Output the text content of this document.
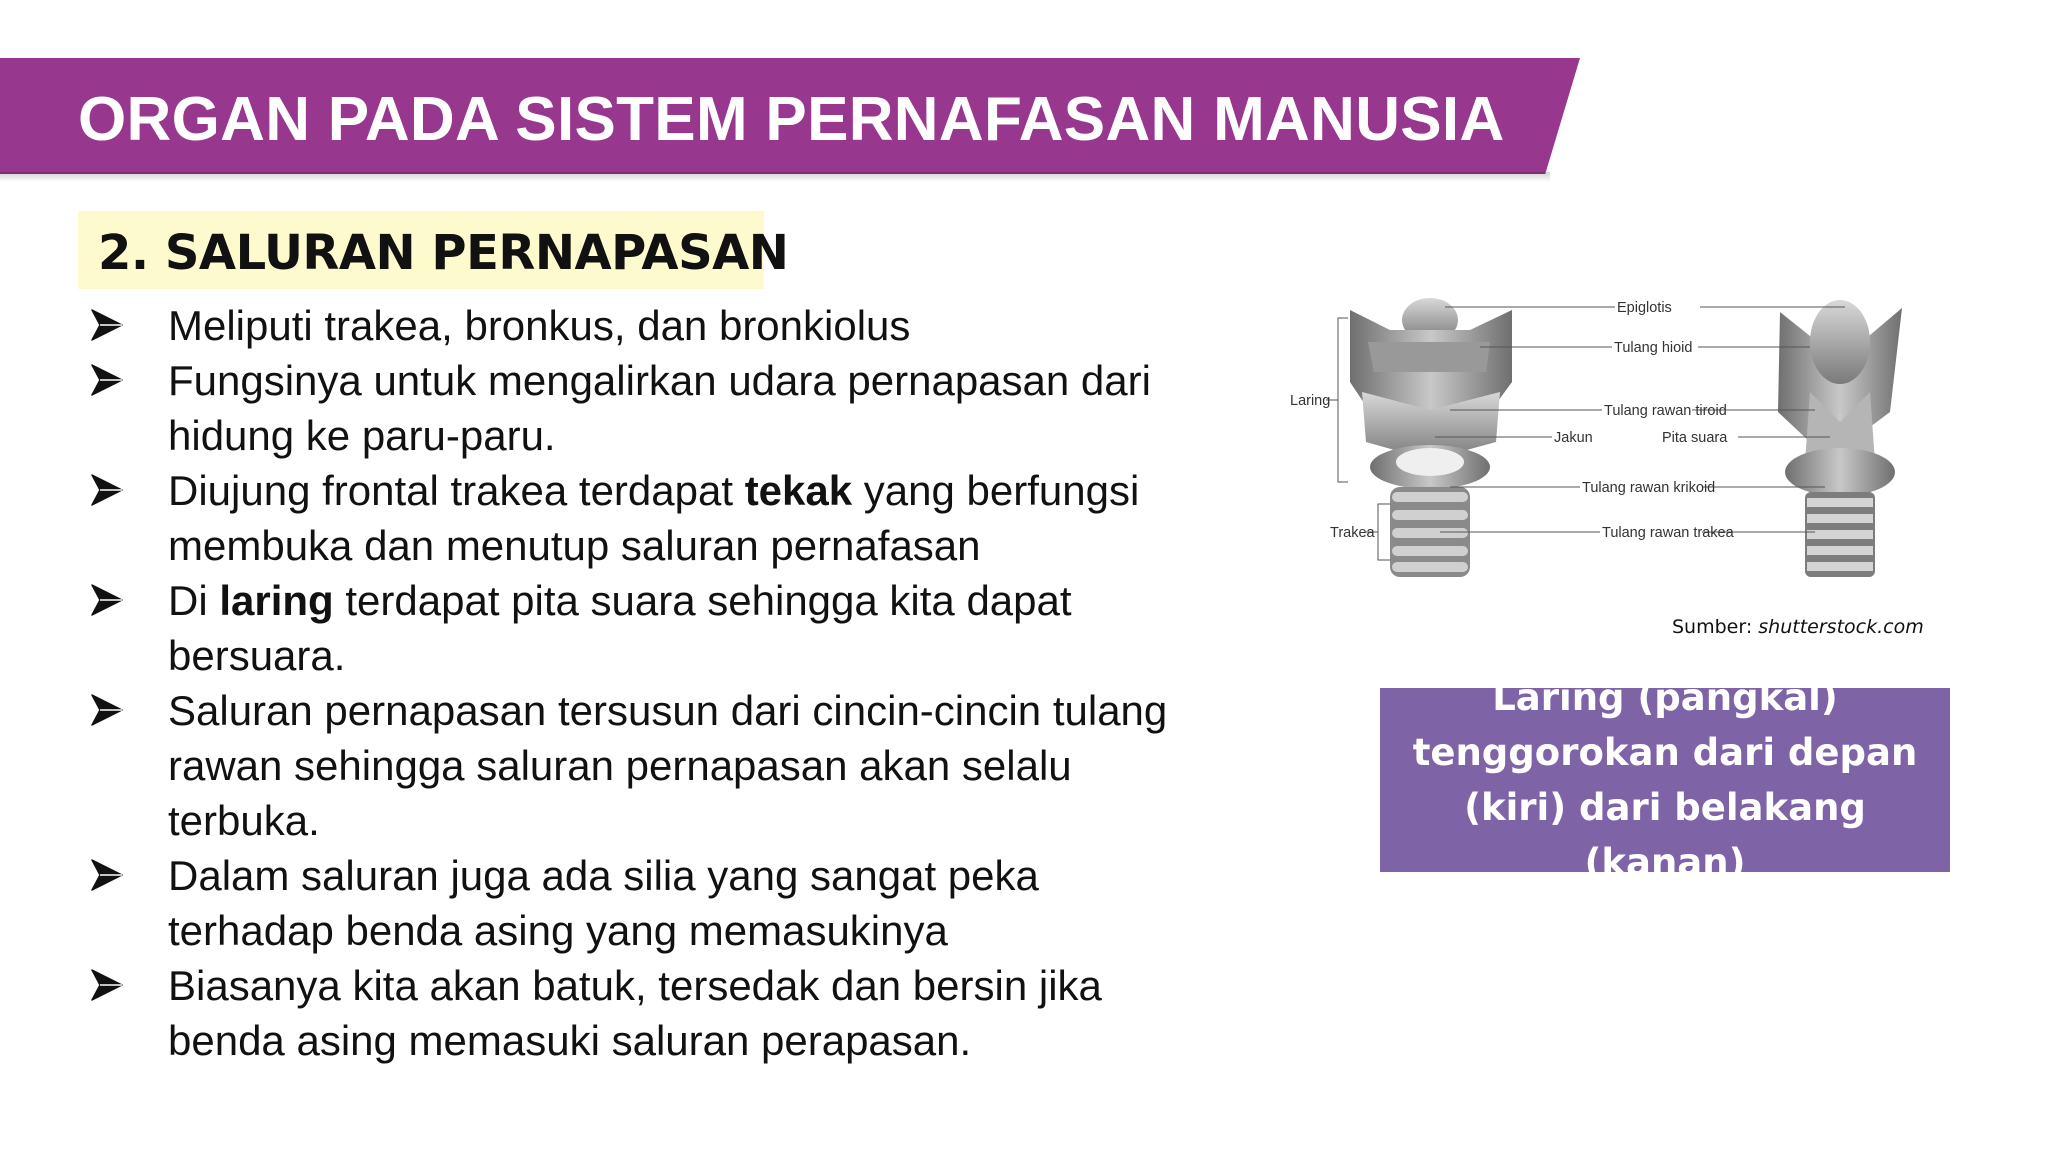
ORGAN PADA SISTEM PERNAFASAN MANUSIA
2. SALURAN PERNAPASAN
Meliputi trakea, bronkus, dan bronkiolus
Fungsinya untuk mengalirkan udara pernapasan dari
hidung ke paru-paru.
Diujung frontal trakea terdapat tekak yang berfungsi
membuka dan menutup saluran pernafasan
Di laring terdapat pita suara sehingga kita dapat
bersuara.
Saluran pernapasan tersusun dari cincin-cincin tulang
rawan sehingga saluran pernapasan akan selalu
terbuka.
Dalam saluran juga ada silia yang sangat peka
terhadap benda asing yang memasukinya
Biasanya kita akan batuk, tersedak dan bersin jika
benda asing memasuki saluran perapasan.
Epiglotis
Tulang hioid
Laring
Tulang rawan tiroid
Jakun	Pita suara
Tulang rawan krikoid
Trakea	Tulang rawan trakea
Sumber: shutterstock.com
Laring (pangkal)
tenggorokan dari depan
(kiri) dari belakang (kanan)
